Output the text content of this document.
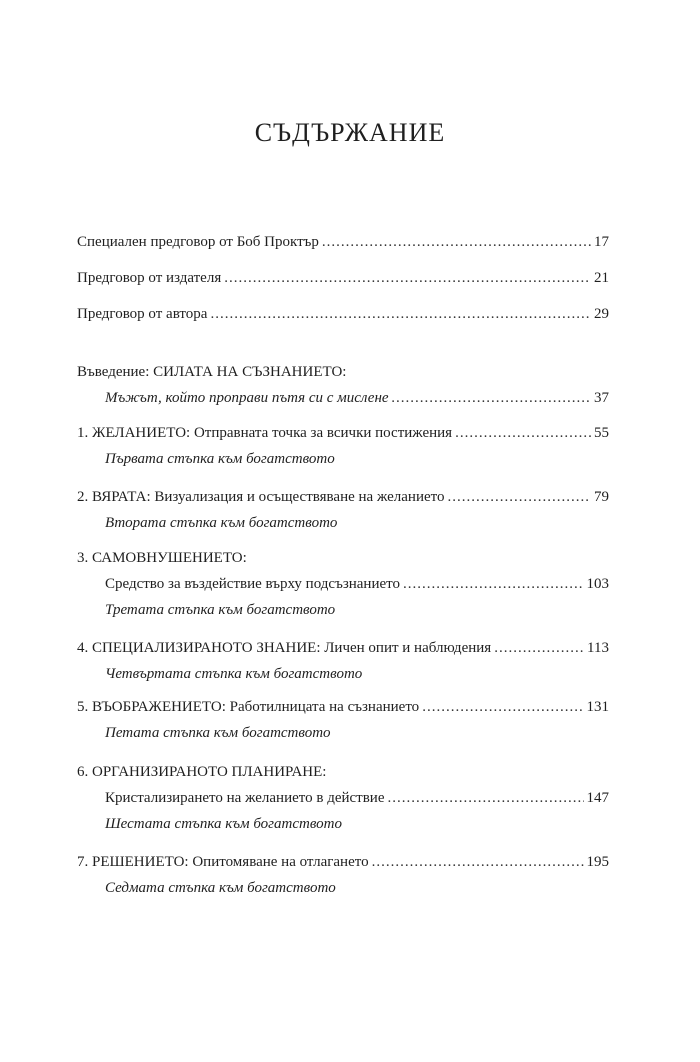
СЪДЪРЖАНИЕ
Специален предговор от Боб Проктър .....	17
Предговор от издателя .....	21
Предговор от автора .....	29
Въведение: СИЛАТА НА СЪЗНАНИЕТО:
Мъжът, който проправи пътя си с мислене .....	37
1. ЖЕЛАНИЕТО: Отправната точка за всички постижения .....	55
Първата стъпка към богатството
2. ВЯРАТА: Визуализация и осъществяване на желанието .....	79
Втората стъпка към богатството
3. САМОВНУШЕНИЕТО:
Средство за въздействие върху подсъзнанието .....	103
Третата стъпка към богатството
4. СПЕЦИАЛИЗИРАНОТО ЗНАНИЕ: Личен опит и наблюдения .....	113
Четвъртата стъпка към богатството
5. ВЪОБРАЖЕНИЕТО: Работилницата на съзнанието .....	131
Петата стъпка към богатството
6. ОРГАНИЗИРАНОТО ПЛАНИРАНЕ:
Кристализирането на желанието в действие .....	147
Шестата стъпка към богатството
7. РЕШЕНИЕТО: Опитомяване на отлагането .....	195
Седмата стъпка към богатството
